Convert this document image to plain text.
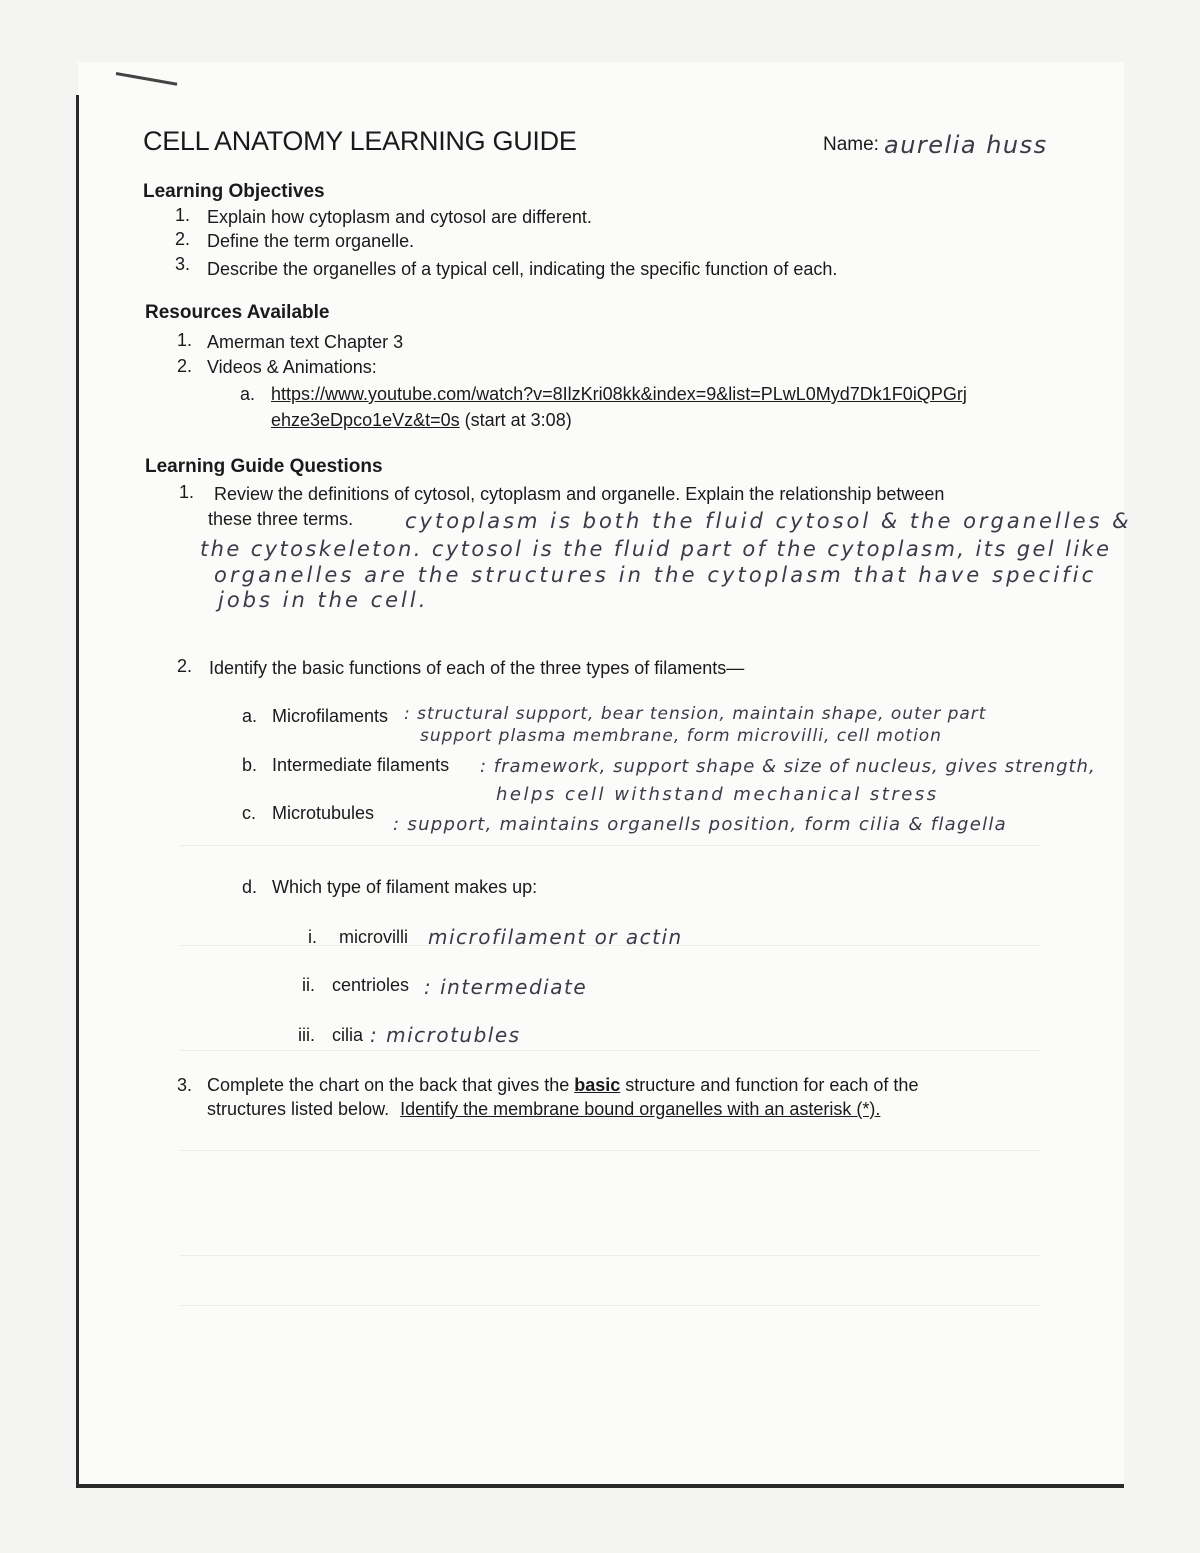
CELL ANATOMY LEARNING GUIDE	Name: aurelia huss
Learning Objectives
1. Explain how cytoplasm and cytosol are different.
2. Define the term organelle.
3. Describe the organelles of a typical cell, indicating the specific function of each.
Resources Available
1. Amerman text Chapter 3
2. Videos & Animations:
a. https://www.youtube.com/watch?v=8IlzKri08kk&index=9&list=PLwL0Myd7Dk1F0iQPGrj
ehze3eDpco1eVz&t=0s (start at 3:08)
Learning Guide Questions
1. Review the definitions of cytosol, cytoplasm and organelle. Explain the relationship between
these three terms. cytoplasm is both the fluid cytosol & the organelles &
the cytoskeleton. cytosol is the fluid part of the cytoplasm, its gel like
organelles are the structures in the cytoplasm that have specific
jobs in the cell.
2. Identify the basic functions of each of the three types of filaments—
a. Microfilaments : structural support, bear tension, maintain shape, outer part
support plasma membrane, form microvilli, cell motion
b. Intermediate filaments : framework, support shape & size of nucleus, gives strength,
helps cell withstand mechanical stress
c. Microtubules
: support, maintains organells position, form cilia & flagella
d. Which type of filament makes up:
i. microvilli microfilament or actin
ii. centrioles : intermediate
iii. cilia : microtubles
3. Complete the chart on the back that gives the basic structure and function for each of the
structures listed below. Identify the membrane bound organelles with an asterisk (*).
